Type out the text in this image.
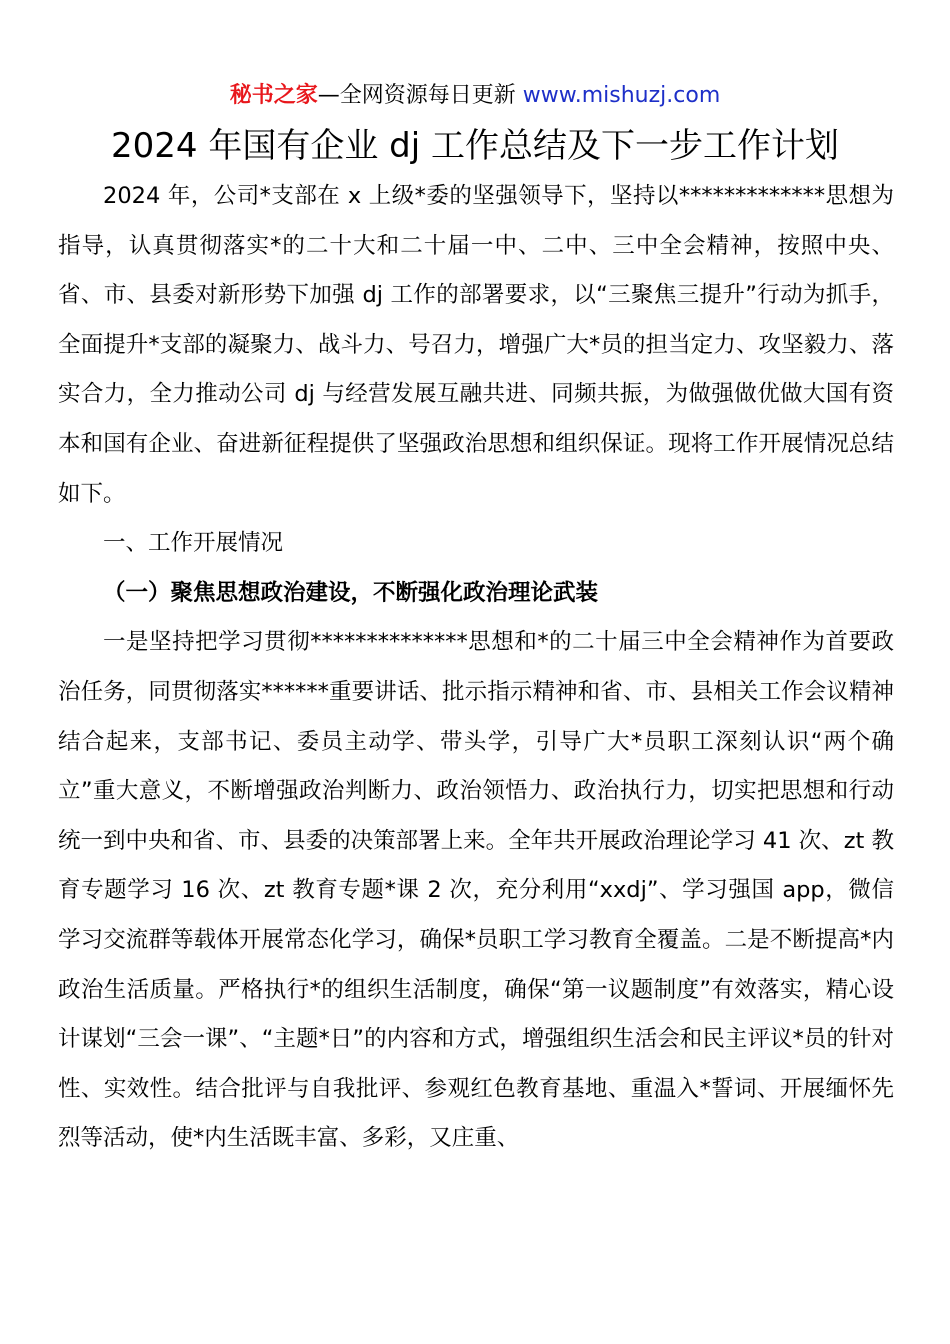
秘书之家—全网资源每日更新 www.mishuzj.com
2024 年国有企业 dj 工作总结及下一步工作计划

2024 年，公司*支部在 x 上级*委的坚强领导下，坚持以*************思想为指导，认真贯彻落实*的二十大和二十届一中、二中、三中全会精神，按照中央、省、市、县委对新形势下加强 dj 工作的部署要求，以“三聚焦三提升”行动为抓手，全面提升*支部的凝聚力、战斗力、号召力，增强广大*员的担当定力、攻坚毅力、落实合力，全力推动公司 dj 与经营发展互融共进、同频共振，为做强做优做大国有资本和国有企业、奋进新征程提供了坚强政治思想和组织保证。现将工作开展情况总结如下。

一、工作开展情况

（一）聚焦思想政治建设，不断强化政治理论武装

一是坚持把学习贯彻**************思想和*的二十届三中全会精神作为首要政治任务，同贯彻落实******重要讲话、批示指示精神和省、市、县相关工作会议精神结合起来，支部书记、委员主动学、带头学，引导广大*员职工深刻认识“两个确立”重大意义，不断增强政治判断力、政治领悟力、政治执行力，切实把思想和行动统一到中央和省、市、县委的决策部署上来。全年共开展政治理论学习 41 次、zt 教育专题学习 16 次、zt 教育专题*课 2 次，充分利用“xxdj”、学习强国 app，微信学习交流群等载体开展常态化学习，确保*员职工学习教育全覆盖。二是不断提高*内政治生活质量。严格执行*的组织生活制度，确保“第一议题制度”有效落实，精心设计谋划“三会一课”、“主题*日”的内容和方式，增强组织生活会和民主评议*员的针对性、实效性。结合批评与自我批评、参观红色教育基地、重温入*誓词、开展缅怀先烈等活动，使*内生活既丰富、多彩，又庄重、
